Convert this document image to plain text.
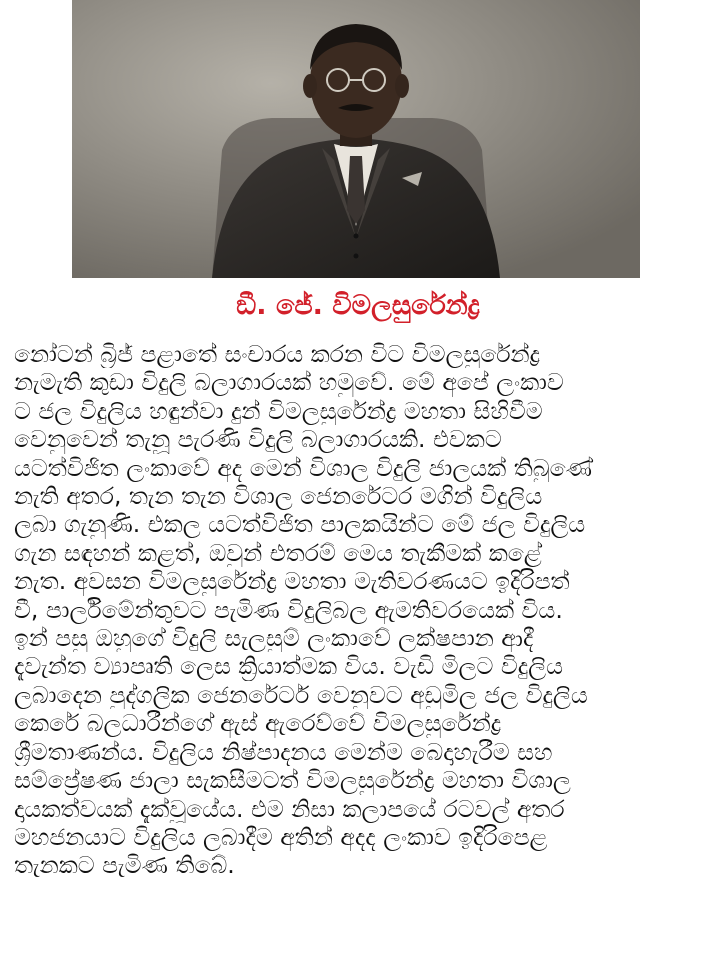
ඞී. ජේ. විමලසුරේන්ද්‍ර
නෝටන් බ්‍රිජ් පළාතේ සංචාරය කරන විට විමලසුරේන්ද්‍ර
නැමැති කුඩා විදුලි බලාගාරයක් හමුවේ. මේ අපේ ලංකාව
ට ජල විදුලිය හඳුන්වා දුන් විමලසුරේන්ද්‍ර මහතා සිහිවීම
වෙනුවෙන් තැනූ පැරණි විදුලි බලාගාරයකි. එවකට
යටත්විජිත ලංකාවේ අද මෙන් විශාල විදුලි ජාලයක් තිබුණේ
නැති අතර, තැන තැන විශාල ජෙනරේටර මගින් විදුලිය
ලබා ගැනුණි. එකල යටත්විජිත පාලකයින්ට මේ ජල විදුලිය
ගැන සඳහන් කළත්, ඔවුන් එතරම් මෙය තැකීමක් කළේ
නැත. අවසන විමලසුරේන්ද්‍ර මහතා මැතිවරණයට ඉදිරිපත්
වී, පාර්ලිමේන්තුවට පැමිණ විදුලිබල ඇමතිවරයෙක් විය.
ඉන් පසු ඔහුගේ විදුලි සැලසුම් ලංකාවේ ලක්ෂපාන ආදී
දැවැන්ත ව්‍යාපෘති ලෙස ක්‍රියාත්මක විය. වැඩි මිලට විදුලිය
ලබාදෙන පුද්ගලික ජෙනරේටර් වෙනුවට අඩුමිල ජල විදුලිය
කෙරේ බලධාරීන්ගේ ඇස් ඇරෙව්වේ විමලසුරේන්ද්‍ර
ශ්‍රීමතාණන්ය. විදුලිය නිෂ්පාදනය මෙන්ම බෙදාහැරීම සහ
සම්ප්‍රේෂණ ජාලා සැකසීමටත් විමලසුරේන්ද්‍ර මහතා විශාල
දායකත්වයක් දැක්වූයේය. එම නිසා කලාපයේ රටවල් අතර
මහජනයාට විදුලිය ලබාදීම අතින් අදද ලංකාව ඉදිරිපෙළ
තැනකට පැමිණ තිබේ.
